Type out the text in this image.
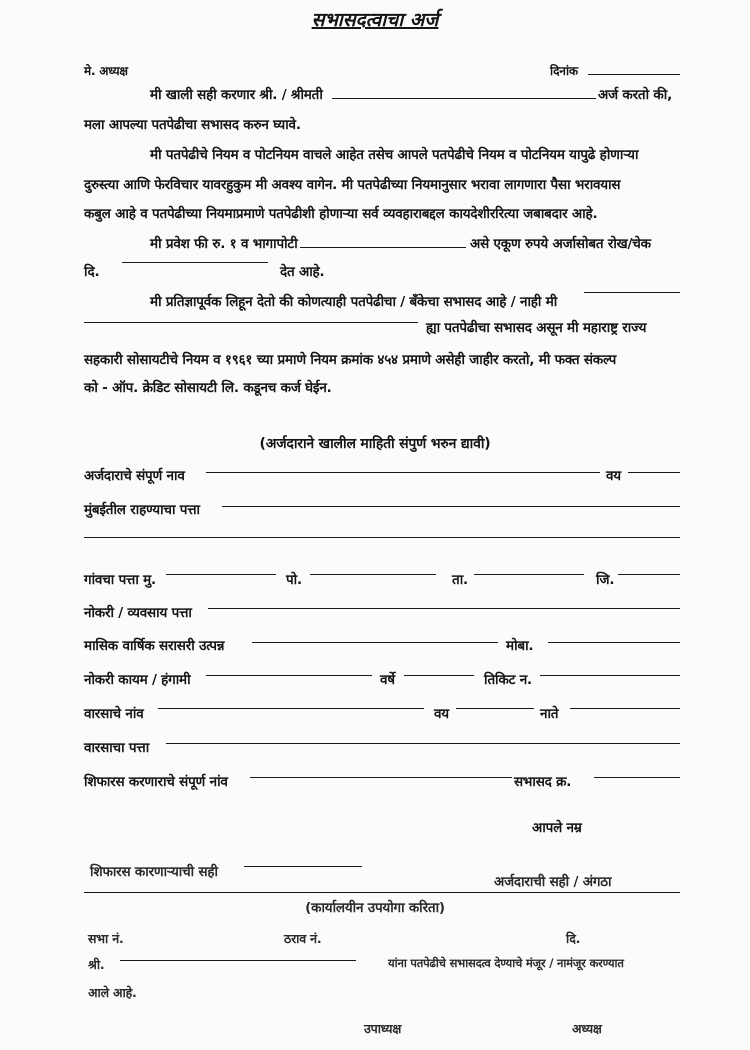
सभासदत्वाचा अर्ज
मे. अध्यक्ष	दिनांक
मी खाली सही करणार श्री. / श्रीमती	अर्ज करतो की,
मला आपल्या पतपेढीचा सभासद करुन घ्यावे.
मी पतपेढीचे नियम व पोटनियम वाचले आहेत तसेच आपले पतपेढीचे नियम व पोटनियम यापुढे होणाऱ्या
दुरुस्त्या आणि फेरविचार यावरहुकुम मी अवश्य वागेन. मी पतपेढीच्या नियमानुसार भरावा लागणारा पैसा भरावयास
कबुल आहे व पतपेढीच्या नियमाप्रमाणे पतपेढीशी होणाऱ्या सर्व व्यवहाराबद्दल कायदेशीररित्या जबाबदार आहे.
मी प्रवेश फी रु. १ व भागापोटी	असे एकूण रुपये अर्जासोबत रोख/चेक
दि.	देत आहे.
मी प्रतिज्ञापूर्वक लिहून देतो की कोणत्याही पतपेढीचा / बँकेचा सभासद आहे / नाही मी
ह्या पतपेढीचा सभासद असून मी महाराष्ट्र राज्य
सहकारी सोसायटीचे नियम व १९६१ च्या प्रमाणे नियम क्रमांक ४५४ प्रमाणे असेही जाहीर करतो, मी फक्त संकल्प
को - ऑप. क्रेडिट सोसायटी लि. कडूनच कर्ज घेईन.
(अर्जदाराने खालील माहिती संपुर्ण भरुन द्यावी)
अर्जदाराचे संपूर्ण नाव	वय
मुंबईतील राहण्याचा पत्ता
गांवचा पत्ता मु.	पो.	ता.	जि.
नोकरी / व्यवसाय पत्ता
मासिक वार्षिक सरासरी उत्पन्न	मोबा.
नोकरी कायम / हंगामी	वर्षे	तिकिट न.
वारसाचे नांव	वय	नाते
वारसाचा पत्ता
शिफारस करणाराचे संपूर्ण नांव	सभासद क्र.
आपले नम्र
शिफारस कारणाऱ्याची सही
अर्जदाराची सही / अंगठा
(कार्यालयीन उपयोगा करिता)
सभा नं.	ठराव नं.	दि.
श्री.	यांना पतपेढीचे सभासदत्व देण्याचे मंजूर / नामंजूर करण्यात
आले आहे.
उपाध्यक्ष	अध्यक्ष
